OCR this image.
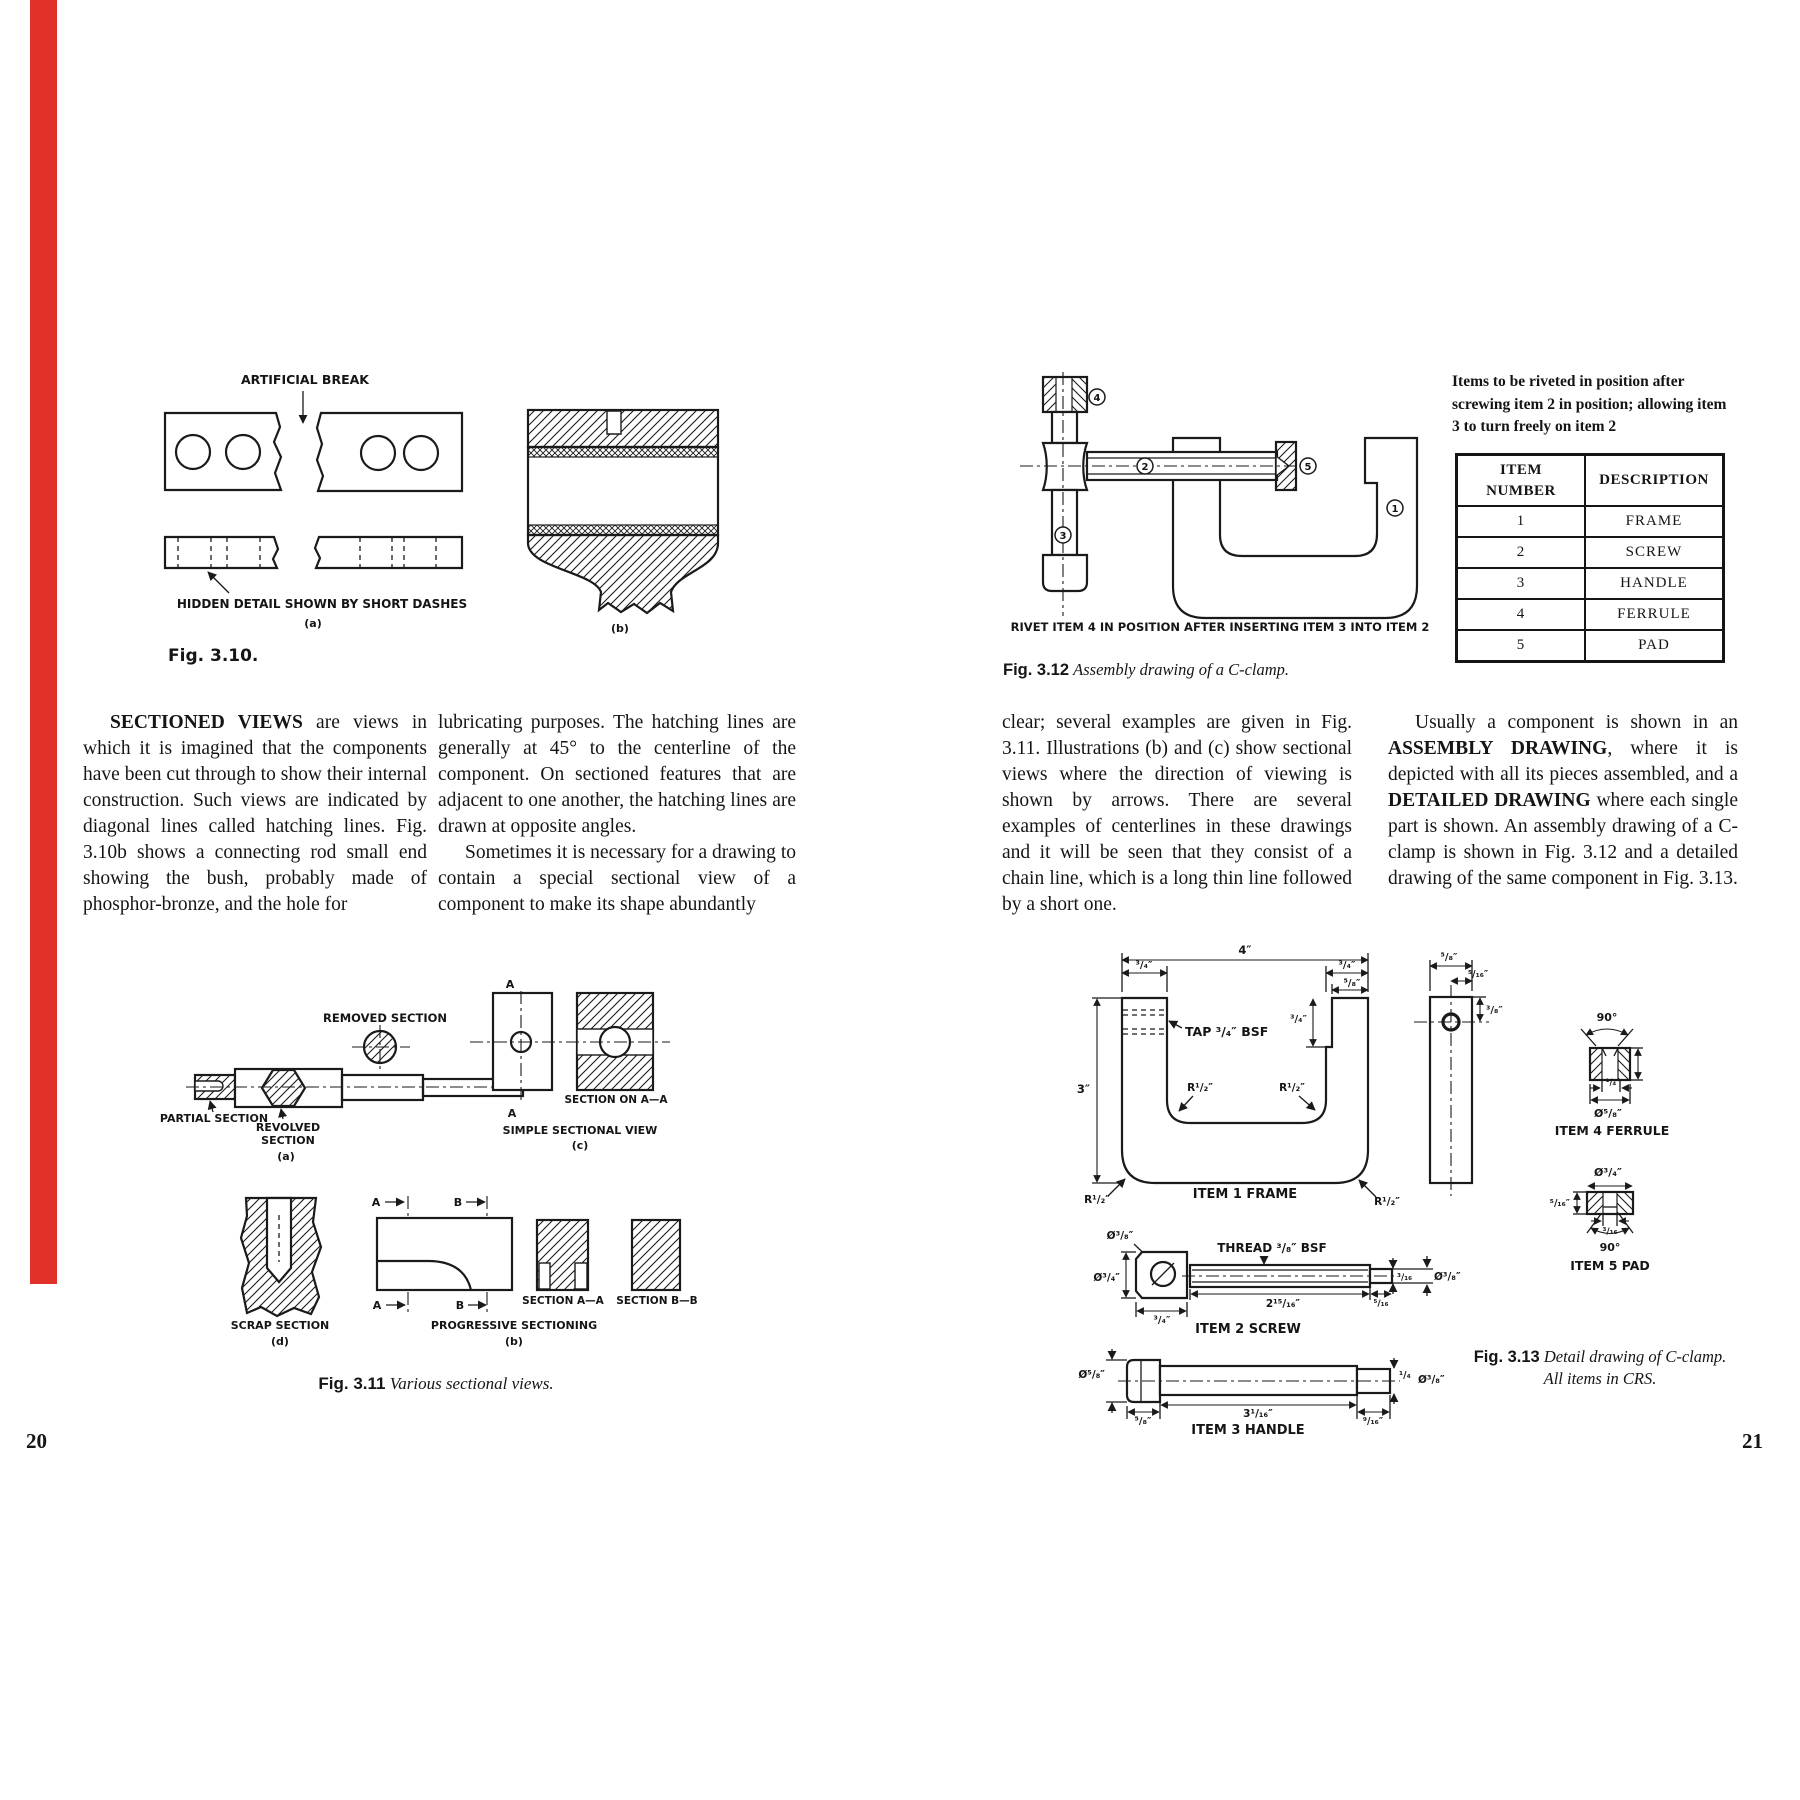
ARTIFICIAL BREAK
HIDDEN DETAIL SHOWN BY SHORT DASHES
(a)
Fig. 3.10.
(b)
REMOVED SECTION
PARTIAL SECTION
REVOLVED
SECTION
(a)
A
A
SECTION ON A—A
SIMPLE SECTIONAL VIEW
(c)
SCRAP SECTION
(d)
A	B
A	B	SECTION A—A SECTION B—B
PROGRESSIVE SECTIONING
(b)
4
2
3
5
1
RIVET ITEM 4 IN POSITION AFTER INSERTING ITEM 3 INTO ITEM 2
TAP ³/₄″ BSF
4″
³/₄″	³/₄″
⁵/₈″
³/₄″
3″	R¹/₂″	R¹/₂″
R¹/₂″	R¹/₂″
ITEM 1 FRAME
⁵/₈″
⁵/₁₆″
³/₈″
90°
¹/₄
Ø⁵/₈″
ITEM 4 FERRULE
Ø³/₄″
⁵/₁₆″
³/₁₆
90°
ITEM 5 PAD
Ø³/₈″
Ø³/₄″
THREAD ³/₈″ BSF
2¹⁵/₁₆″
³/₁₆
⁵/₁₆
Ø³/₈″
³/₄″
ITEM 2 SCREW
Ø⁵/₈″
⁵/₈″
3¹/₁₆″
⁹/₁₆″
¹/₄ Ø³/₈″
ITEM 3 HANDLE

SECTIONED VIEWS are views in which it is imagined that the components have been cut through to show their internal construction. Such views are indicated by diagonal lines called hatching lines. Fig. 3.10b shows a connecting rod small end showing the bush, probably made of phosphor-bronze, and the hole for

lubricating purposes. The hatching lines are generally at 45° to the centerline of the component. On sectioned features that are adjacent to one another, the hatching lines are drawn at opposite angles.

Sometimes it is necessary for a drawing to contain a special sectional view of a component to make its shape abundantly

Fig. 3.11 Various sectional views.
20
Items to be riveted in position after screwing item 2 in position; allowing item 3 to turn freely on item 2
ITEM NUMBER	DESCRIPTION
1	FRAME
2	SCREW
3	HANDLE
4	FERRULE
5	PAD
Fig. 3.12 Assembly drawing of a C-clamp.

clear; several examples are given in Fig. 3.11. Illustrations (b) and (c) show sectional views where the direction of viewing is shown by arrows. There are several examples of centerlines in these drawings and it will be seen that they consist of a chain line, which is a long thin line followed by a short one.

Usually a component is shown in an ASSEMBLY DRAWING, where it is depicted with all its pieces assembled, and a DETAILED DRAWING where each single part is shown. An assembly drawing of a C-clamp is shown in Fig. 3.12 and a detailed drawing of the same component in Fig. 3.13.

Fig. 3.13 Detail drawing of C-clamp.
All items in CRS.
21
